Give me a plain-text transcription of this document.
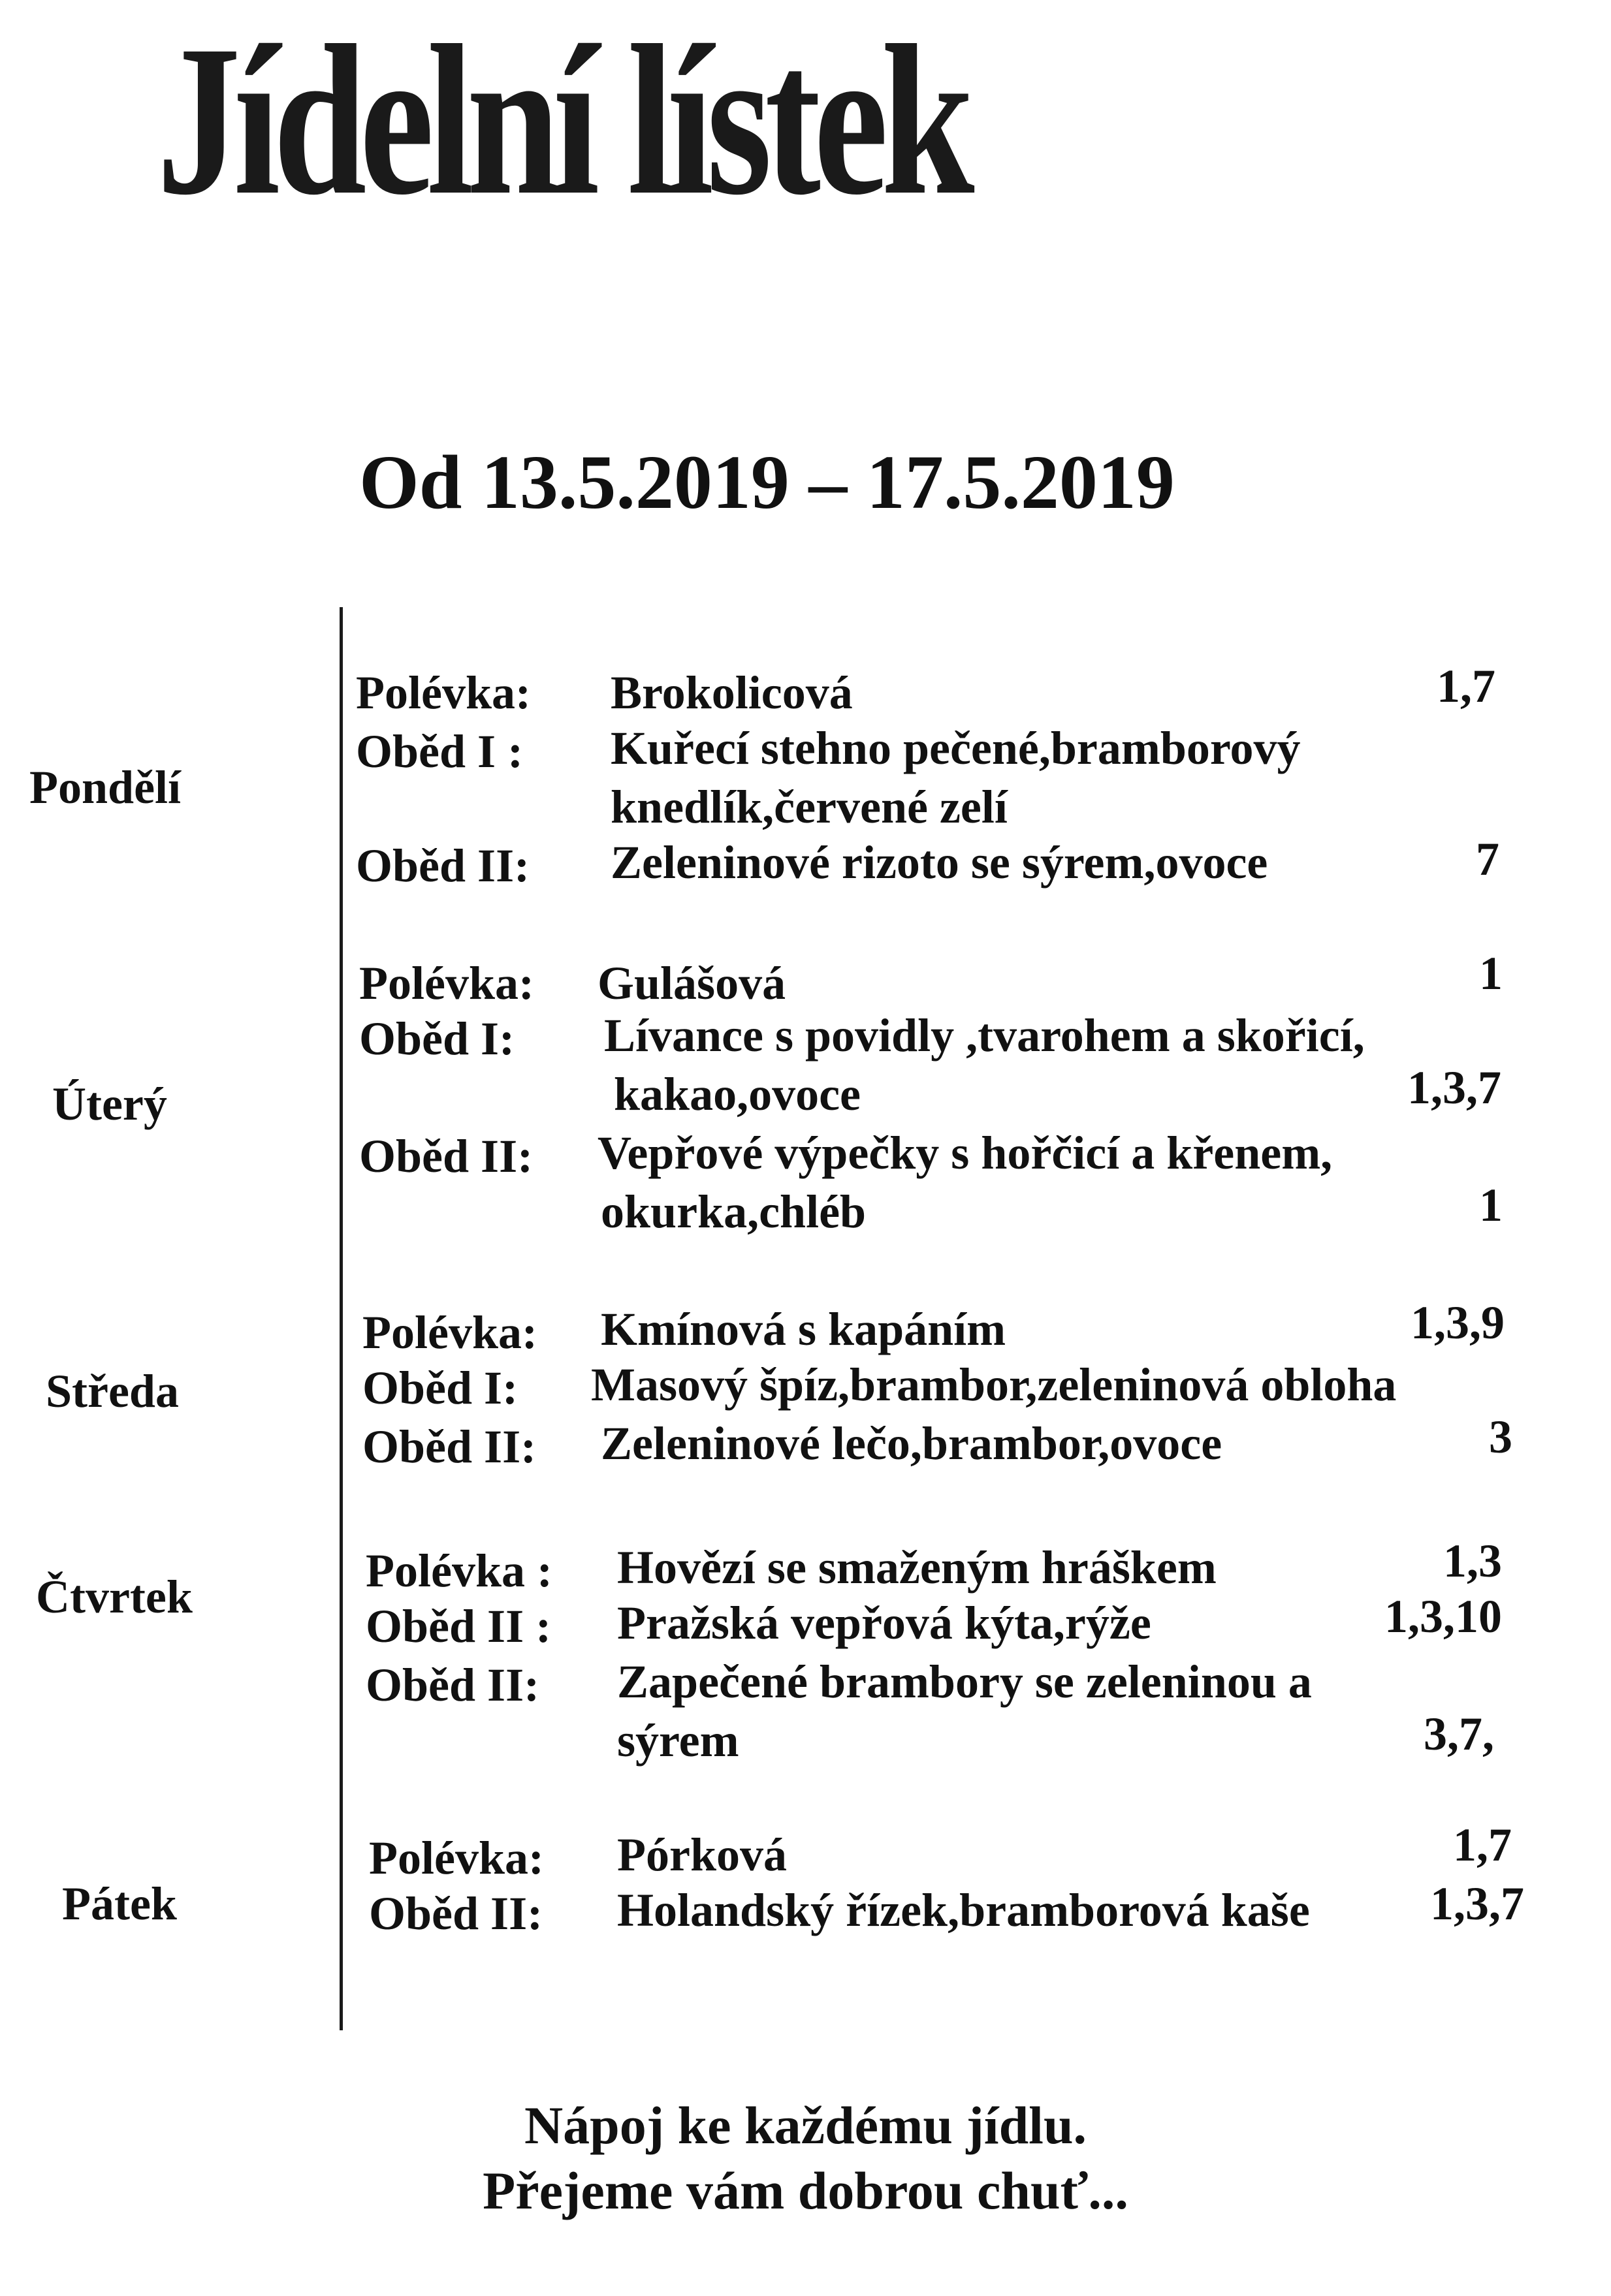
Jídelní lístek
Od 13.5.2019 – 17.5.2019
Pondělí
Polévka: Brokolicová	1,7
Oběd I : Kuřecí stehno pečené,bramborový
knedlík,červené zelí
Oběd II: Zeleninové rizoto se sýrem,ovoce	7
Úterý
Polévka: Gulášová	1
Oběd I: Lívance s povidly ,tvarohem a skořicí,
kakao,ovoce	1,3,7
Oběd II: Vepřové výpečky s hořčicí a křenem,
okurka,chléb	1
Středa
Polévka: Kmínová s kapáním	1,3,9
Oběd I: Masový špíz,brambor,zeleninová obloha
Oběd II: Zeleninové lečo,brambor,ovoce	3
Čtvrtek	Polévka : Hovězí se smaženým hráškem	1,3
Oběd II : Pražská vepřová kýta,rýže	1,3,10
Oběd II: Zapečené brambory se zeleninou a
sýrem	3,7,
Pátek
Polévka: Pórková	1,7
Oběd II: Holandský řízek,bramborová kaše	1,3,7
Nápoj ke každému jídlu.
Přejeme vám dobrou chuť...
